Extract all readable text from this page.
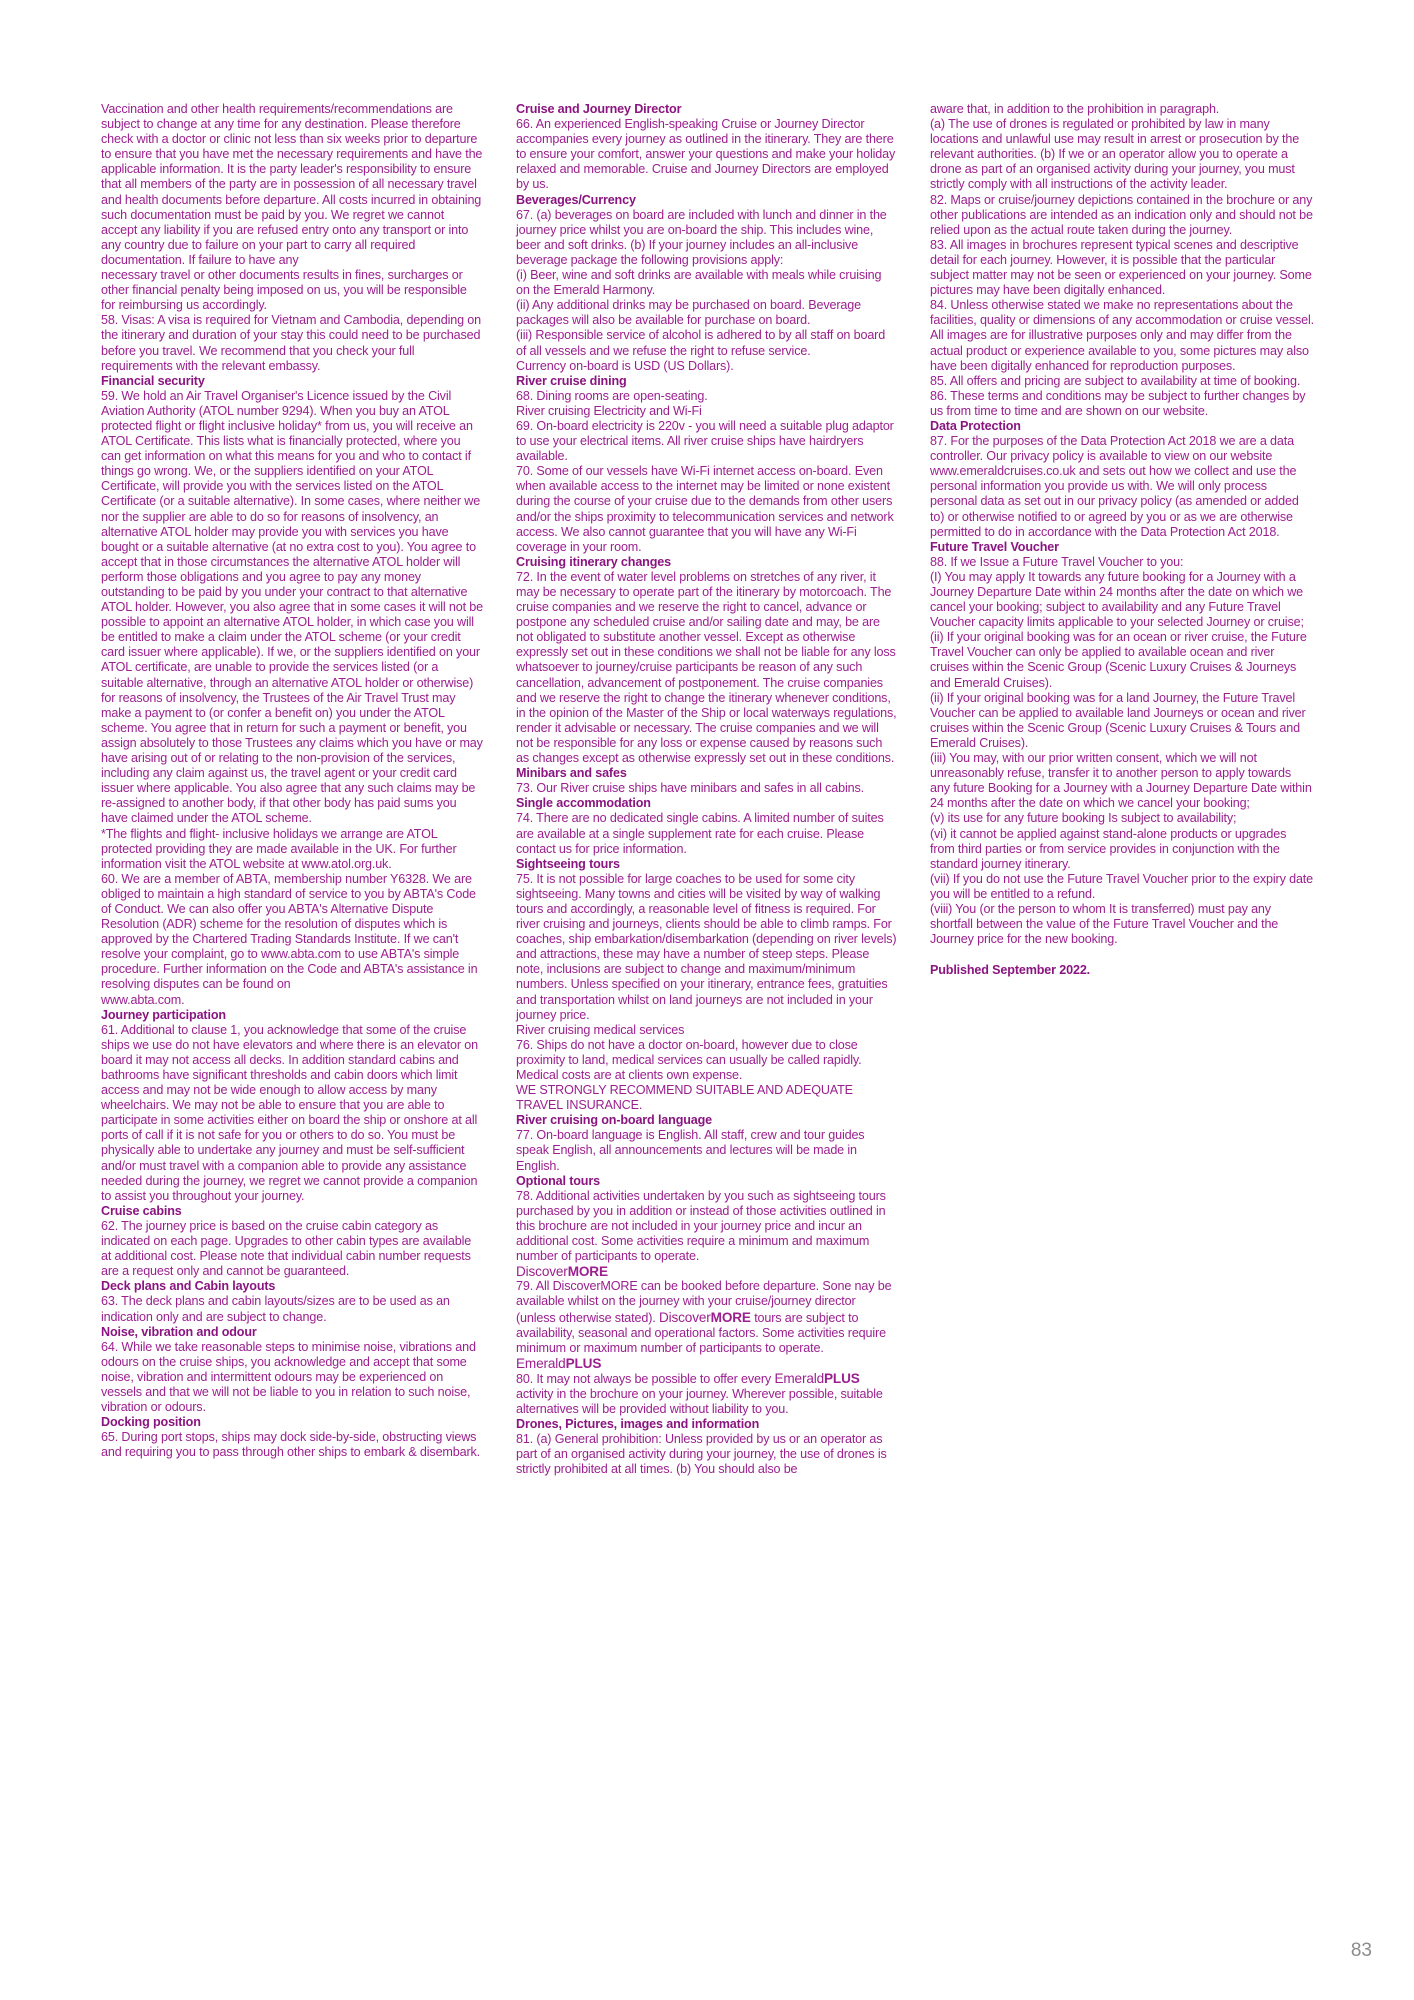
Vaccination and other health requirements/recommendations are subject to change at any time for any destination. Please therefore check with a doctor or clinic not less than six weeks prior to departure to ensure that you have met the necessary requirements and have the applicable information. It is the party leader's responsibility to ensure that all members of the party are in possession of all necessary travel and health documents before departure. All costs incurred in obtaining such documentation must be paid by you. We regret we cannot accept any liability if you are refused entry onto any transport or into any country due to failure on your part to carry all required documentation. If failure to have any

necessary travel or other documents results in fines, surcharges or other financial penalty being imposed on us, you will be responsible for reimbursing us accordingly.

58. Visas: A visa is required for Vietnam and Cambodia, depending on the itinerary and duration of your stay this could need to be purchased before you travel. We recommend that you check your full requirements with the relevant embassy.

Financial security

59. We hold an Air Travel Organiser's Licence issued by the Civil Aviation Authority (ATOL number 9294). When you buy an ATOL protected flight or flight inclusive holiday* from us, you will receive an ATOL Certificate. This lists what is financially protected, where you can get information on what this means for you and who to contact if things go wrong. We, or the suppliers identified on your ATOL Certificate, will provide you with the services listed on the ATOL Certificate (or a suitable alternative). In some cases, where neither we nor the supplier are able to do so for reasons of insolvency, an alternative ATOL holder may provide you with services you have bought or a suitable alternative (at no extra cost to you). You agree to accept that in those circumstances the alternative ATOL holder will perform those obligations and you agree to pay any money outstanding to be paid by you under your contract to that alternative ATOL holder. However, you also agree that in some cases it will not be possible to appoint an alternative ATOL holder, in which case you will be entitled to make a claim under the ATOL scheme (or your credit card issuer where applicable). If we, or the suppliers identified on your ATOL certificate, are unable to provide the services listed (or a suitable alternative, through an alternative ATOL holder or otherwise) for reasons of insolvency, the Trustees of the Air Travel Trust may make a payment to (or confer a benefit on) you under the ATOL scheme. You agree that in return for such a payment or benefit, you assign absolutely to those Trustees any claims which you have or may have arising out of or relating to the non-provision of the services, including any claim against us, the travel agent or your credit card issuer where applicable. You also agree that any such claims may be re-assigned to another body, if that other body has paid sums you have claimed under the ATOL scheme.

*The flights and flight- inclusive holidays we arrange are ATOL protected providing they are made available in the UK. For further information visit the ATOL website at www.atol.org.uk.

60. We are a member of ABTA, membership number Y6328. We are obliged to maintain a high standard of service to you by ABTA's Code of Conduct. We can also offer you ABTA's Alternative Dispute Resolution (ADR) scheme for the resolution of disputes which is approved by the Chartered Trading Standards Institute. If we can't resolve your complaint, go to www.abta.com to use ABTA's simple procedure. Further information on the Code and ABTA's assistance in resolving disputes can be found on

www.abta.com.

Journey participation

61. Additional to clause 1, you acknowledge that some of the cruise ships we use do not have elevators and where there is an elevator on board it may not access all decks. In addition standard cabins and bathrooms have significant thresholds and cabin doors which limit access and may not be wide enough to allow access by many wheelchairs. We may not be able to ensure that you are able to participate in some activities either on board the ship or onshore at all ports of call if it is not safe for you or others to do so. You must be physically able to undertake any journey and must be self-sufficient and/or must travel with a companion able to provide any assistance needed during the journey, we regret we cannot provide a companion to assist you throughout your journey.

Cruise cabins

62. The journey price is based on the cruise cabin category as indicated on each page. Upgrades to other cabin types are available at additional cost. Please note that individual cabin number requests are a request only and cannot be guaranteed.

Deck plans and Cabin layouts

63. The deck plans and cabin layouts/sizes are to be used as an indication only and are subject to change.

Noise, vibration and odour

64. While we take reasonable steps to minimise noise, vibrations and odours on the cruise ships, you acknowledge and accept that some noise, vibration and intermittent odours may be experienced on vessels and that we will not be liable to you in relation to such noise, vibration or odours.

Docking position

65. During port stops, ships may dock side-by-side, obstructing views and requiring you to pass through other ships to embark & disembark.

Cruise and Journey Director

66. An experienced English-speaking Cruise or Journey Director accompanies every journey as outlined in the itinerary. They are there to ensure your comfort, answer your questions and make your holiday relaxed and memorable. Cruise and Journey Directors are employed by us.

Beverages/Currency

67. (a) beverages on board are included with lunch and dinner in the journey price whilst you are on-board the ship. This includes wine, beer and soft drinks. (b) If your journey includes an all-inclusive beverage package the following provisions apply:

(i) Beer, wine and soft drinks are available with meals while cruising on the Emerald Harmony.

(ii) Any additional drinks may be purchased on board. Beverage packages will also be available for purchase on board.

(iii) Responsible service of alcohol is adhered to by all staff on board of all vessels and we refuse the right to refuse service.

Currency on-board is USD (US Dollars).

River cruise dining

68. Dining rooms are open-seating.

River cruising Electricity and Wi-Fi

69. On-board electricity is 220v - you will need a suitable plug adaptor to use your electrical items. All river cruise ships have hairdryers available.

70. Some of our vessels have Wi-Fi internet access on-board. Even when available access to the internet may be limited or none existent during the course of your cruise due to the demands from other users and/or the ships proximity to telecommunication services and network access. We also cannot guarantee that you will have any Wi-Fi coverage in your room.

Cruising itinerary changes

72. In the event of water level problems on stretches of any river, it may be necessary to operate part of the itinerary by motorcoach. The cruise companies and we reserve the right to cancel, advance or postpone any scheduled cruise and/or sailing date and may, be are not obligated to substitute another vessel. Except as otherwise expressly set out in these conditions we shall not be liable for any loss whatsoever to journey/cruise participants be reason of any such cancellation, advancement of postponement. The cruise companies and we reserve the right to change the itinerary whenever conditions, in the opinion of the Master of the Ship or local waterways regulations, render it advisable or necessary. The cruise companies and we will not be responsible for any loss or expense caused by reasons such as changes except as otherwise expressly set out in these conditions.

Minibars and safes

73. Our River cruise ships have minibars and safes in all cabins.

Single accommodation

74. There are no dedicated single cabins. A limited number of suites are available at a single supplement rate for each cruise. Please contact us for price information.

Sightseeing tours

75. It is not possible for large coaches to be used for some city sightseeing. Many towns and cities will be visited by way of walking tours and accordingly, a reasonable level of fitness is required. For river cruising and journeys, clients should be able to climb ramps. For coaches, ship embarkation/disembarkation (depending on river levels) and attractions, these may have a number of steep steps. Please note, inclusions are subject to change and maximum/minimum numbers. Unless specified on your itinerary, entrance fees, gratuities and transportation whilst on land journeys are not included in your journey price.

River cruising medical services

76. Ships do not have a doctor on-board, however due to close proximity to land, medical services can usually be called rapidly. Medical costs are at clients own expense.

WE STRONGLY RECOMMEND SUITABLE AND ADEQUATE TRAVEL INSURANCE.

River cruising on-board language

77. On-board language is English. All staff, crew and tour guides speak English, all announcements and lectures will be made in English.

Optional tours

78. Additional activities undertaken by you such as sightseeing tours purchased by you in addition or instead of those activities outlined in this brochure are not included in your journey price and incur an additional cost. Some activities require a minimum and maximum number of participants to operate.

DiscoverMORE

79. All DiscoverMORE can be booked before departure. Sone nay be available whilst on the journey with your cruise/journey director (unless otherwise stated). DiscoverMORE tours are subject to availability, seasonal and operational factors. Some activities require minimum or maximum number of participants to operate.

EmeraldPLUS

80. It may not always be possible to offer every EmeraldPLUS activity in the brochure on your journey. Wherever possible, suitable alternatives will be provided without liability to you.

Drones, Pictures, images and information

81. (a) General prohibition: Unless provided by us or an operator as part of an organised activity during your journey, the use of drones is strictly prohibited at all times. (b) You should also be

aware that, in addition to the prohibition in paragraph.

(a) The use of drones is regulated or prohibited by law in many locations and unlawful use may result in arrest or prosecution by the relevant authorities. (b) If we or an operator allow you to operate a drone as part of an organised activity during your journey, you must strictly comply with all instructions of the activity leader.

82. Maps or cruise/journey depictions contained in the brochure or any other publications are intended as an indication only and should not be relied upon as the actual route taken during the journey.

83. All images in brochures represent typical scenes and descriptive detail for each journey. However, it is possible that the particular subject matter may not be seen or experienced on your journey. Some pictures may have been digitally enhanced.

84. Unless otherwise stated we make no representations about the facilities, quality or dimensions of any accommodation or cruise vessel. All images are for illustrative purposes only and may differ from the actual product or experience available to you, some pictures may also have been digitally enhanced for reproduction purposes.

85. All offers and pricing are subject to availability at time of booking.

86. These terms and conditions may be subject to further changes by us from time to time and are shown on our website.

Data Protection

87. For the purposes of the Data Protection Act 2018 we are a data controller. Our privacy policy is available to view on our website www.emeraldcruises.co.uk and sets out how we collect and use the personal information you provide us with. We will only process personal data as set out in our privacy policy (as amended or added to) or otherwise notified to or agreed by you or as we are otherwise permitted to do in accordance with the Data Protection Act 2018.

Future Travel Voucher

88. If we Issue a Future Travel Voucher to you:

(I) You may apply It towards any future booking for a Journey with a Journey Departure Date within 24 months after the date on which we cancel your booking; subject to availability and any Future Travel Voucher capacity limits applicable to your selected Journey or cruise;

(ii) If your original booking was for an ocean or river cruise, the Future Travel Voucher can only be applied to available ocean and river cruises within the Scenic Group (Scenic Luxury Cruises & Journeys and Emerald Cruises).

(ii) If your original booking was for a land Journey, the Future Travel Voucher can be applied to available land Journeys or ocean and river cruises within the Scenic Group (Scenic Luxury Cruises & Tours and Emerald Cruises).

(iii) You may, with our prior written consent, which we will not unreasonably refuse, transfer it to another person to apply towards any future Booking for a Journey with a Journey Departure Date within 24 months after the date on which we cancel your booking;

(v) its use for any future booking Is subject to availability;

(vi) it cannot be applied against stand-alone products or upgrades from third parties or from service provides in conjunction with the standard journey itinerary.

(vii) If you do not use the Future Travel Voucher prior to the expiry date you will be entitled to a refund.

(viii) You (or the person to whom It is transferred) must pay any shortfall between the value of the Future Travel Voucher and the Journey price for the new booking.

Published September 2022.

83
